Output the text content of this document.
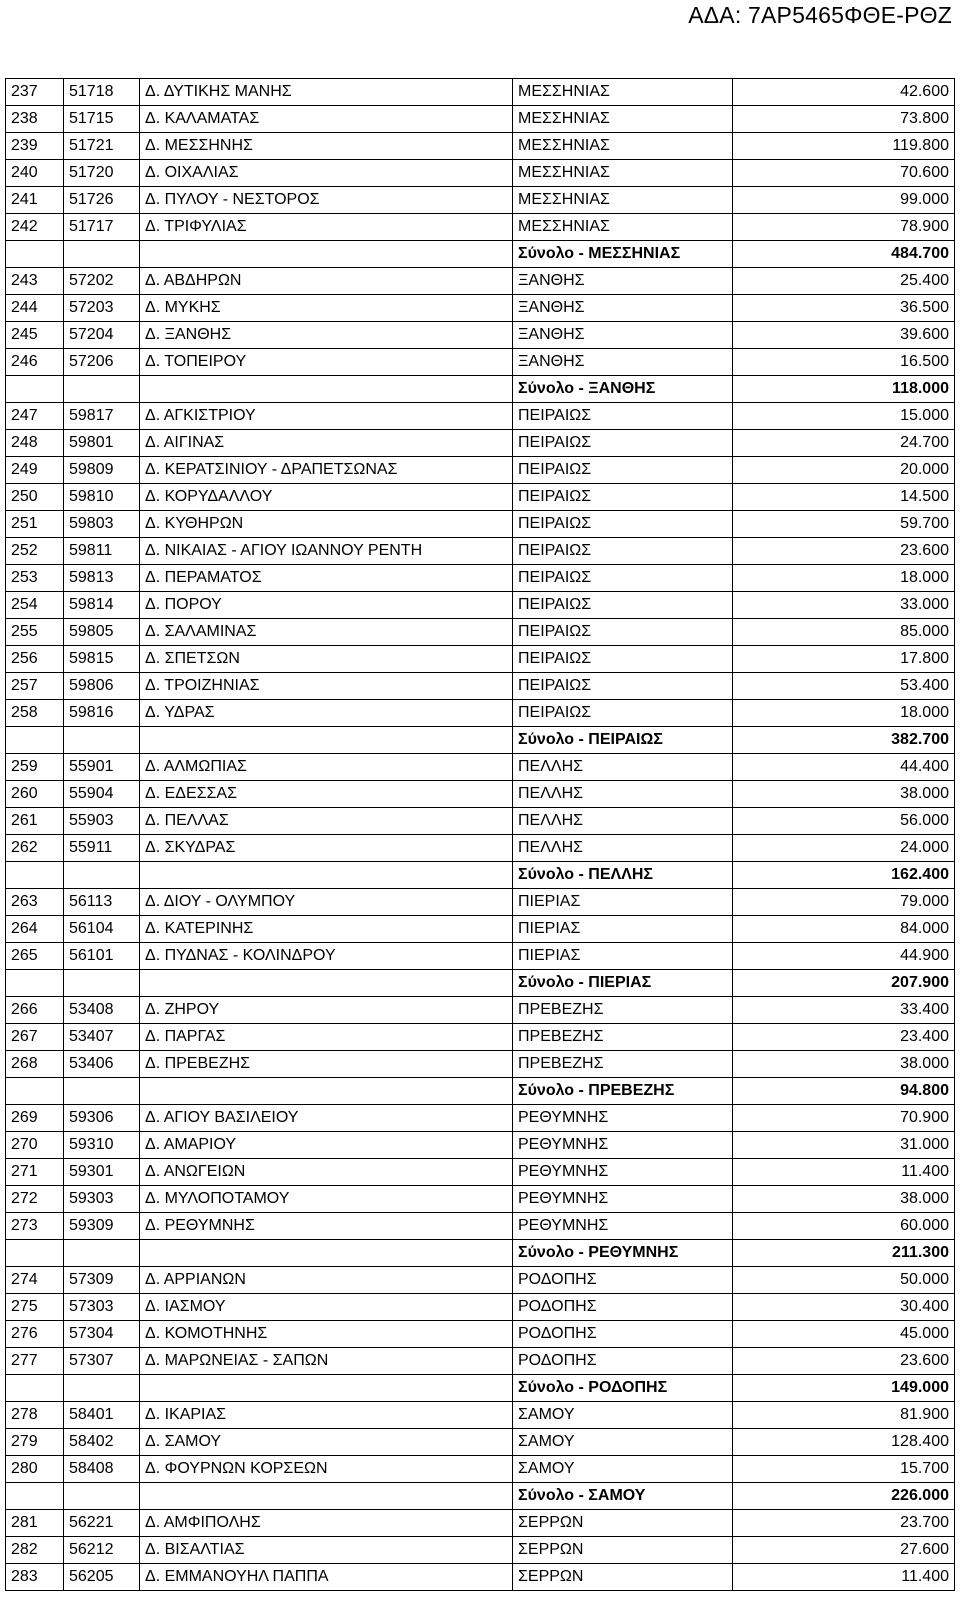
ΑΔΑ: 7ΑΡ5465ΦΘΕ-ΡΘΖ
237	51718	Δ. ΔΥΤΙΚΗΣ ΜΑΝΗΣ	ΜΕΣΣΗΝΙΑΣ	42.600
238	51715	Δ. ΚΑΛΑΜΑΤΑΣ	ΜΕΣΣΗΝΙΑΣ	73.800
239	51721	Δ. ΜΕΣΣΗΝΗΣ	ΜΕΣΣΗΝΙΑΣ	119.800
240	51720	Δ. ΟΙΧΑΛΙΑΣ	ΜΕΣΣΗΝΙΑΣ	70.600
241	51726	Δ. ΠΥΛΟΥ - ΝΕΣΤΟΡΟΣ	ΜΕΣΣΗΝΙΑΣ	99.000
242	51717	Δ. ΤΡΙΦΥΛΙΑΣ	ΜΕΣΣΗΝΙΑΣ	78.900
			Σύνολο - ΜΕΣΣΗΝΙΑΣ	484.700
243	57202	Δ. ΑΒΔΗΡΩΝ	ΞΑΝΘΗΣ	25.400
244	57203	Δ. ΜΥΚΗΣ	ΞΑΝΘΗΣ	36.500
245	57204	Δ. ΞΑΝΘΗΣ	ΞΑΝΘΗΣ	39.600
246	57206	Δ. ΤΟΠΕΙΡΟΥ	ΞΑΝΘΗΣ	16.500
			Σύνολο - ΞΑΝΘΗΣ	118.000
247	59817	Δ. ΑΓΚΙΣΤΡΙΟΥ	ΠΕΙΡΑΙΩΣ	15.000
248	59801	Δ. ΑΙΓΙΝΑΣ	ΠΕΙΡΑΙΩΣ	24.700
249	59809	Δ. ΚΕΡΑΤΣΙΝΙΟΥ - ΔΡΑΠΕΤΣΩΝΑΣ	ΠΕΙΡΑΙΩΣ	20.000
250	59810	Δ. ΚΟΡΥΔΑΛΛΟΥ	ΠΕΙΡΑΙΩΣ	14.500
251	59803	Δ. ΚΥΘΗΡΩΝ	ΠΕΙΡΑΙΩΣ	59.700
252	59811	Δ. ΝΙΚΑΙΑΣ - ΑΓΙΟΥ ΙΩΑΝΝΟΥ ΡΕΝΤΗ	ΠΕΙΡΑΙΩΣ	23.600
253	59813	Δ. ΠΕΡΑΜΑΤΟΣ	ΠΕΙΡΑΙΩΣ	18.000
254	59814	Δ. ΠΟΡΟΥ	ΠΕΙΡΑΙΩΣ	33.000
255	59805	Δ. ΣΑΛΑΜΙΝΑΣ	ΠΕΙΡΑΙΩΣ	85.000
256	59815	Δ. ΣΠΕΤΣΩΝ	ΠΕΙΡΑΙΩΣ	17.800
257	59806	Δ. ΤΡΟΙΖΗΝΙΑΣ	ΠΕΙΡΑΙΩΣ	53.400
258	59816	Δ. ΥΔΡΑΣ	ΠΕΙΡΑΙΩΣ	18.000
			Σύνολο - ΠΕΙΡΑΙΩΣ	382.700
259	55901	Δ. ΑΛΜΩΠΙΑΣ	ΠΕΛΛΗΣ	44.400
260	55904	Δ. ΕΔΕΣΣΑΣ	ΠΕΛΛΗΣ	38.000
261	55903	Δ. ΠΕΛΛΑΣ	ΠΕΛΛΗΣ	56.000
262	55911	Δ. ΣΚΥΔΡΑΣ	ΠΕΛΛΗΣ	24.000
			Σύνολο - ΠΕΛΛΗΣ	162.400
263	56113	Δ. ΔΙΟΥ - ΟΛΥΜΠΟΥ	ΠΙΕΡΙΑΣ	79.000
264	56104	Δ. ΚΑΤΕΡΙΝΗΣ	ΠΙΕΡΙΑΣ	84.000
265	56101	Δ. ΠΥΔΝΑΣ - ΚΟΛΙΝΔΡΟΥ	ΠΙΕΡΙΑΣ	44.900
			Σύνολο - ΠΙΕΡΙΑΣ	207.900
266	53408	Δ. ΖΗΡΟΥ	ΠΡΕΒΕΖΗΣ	33.400
267	53407	Δ. ΠΑΡΓΑΣ	ΠΡΕΒΕΖΗΣ	23.400
268	53406	Δ. ΠΡΕΒΕΖΗΣ	ΠΡΕΒΕΖΗΣ	38.000
			Σύνολο - ΠΡΕΒΕΖΗΣ	94.800
269	59306	Δ. ΑΓΙΟΥ ΒΑΣΙΛΕΙΟΥ	ΡΕΘΥΜΝΗΣ	70.900
270	59310	Δ. ΑΜΑΡΙΟΥ	ΡΕΘΥΜΝΗΣ	31.000
271	59301	Δ. ΑΝΩΓΕΙΩΝ	ΡΕΘΥΜΝΗΣ	11.400
272	59303	Δ. ΜΥΛΟΠΟΤΑΜΟΥ	ΡΕΘΥΜΝΗΣ	38.000
273	59309	Δ. ΡΕΘΥΜΝΗΣ	ΡΕΘΥΜΝΗΣ	60.000
			Σύνολο - ΡΕΘΥΜΝΗΣ	211.300
274	57309	Δ. ΑΡΡΙΑΝΩΝ	ΡΟΔΟΠΗΣ	50.000
275	57303	Δ. ΙΑΣΜΟΥ	ΡΟΔΟΠΗΣ	30.400
276	57304	Δ. ΚΟΜΟΤΗΝΗΣ	ΡΟΔΟΠΗΣ	45.000
277	57307	Δ. ΜΑΡΩΝΕΙΑΣ - ΣΑΠΩΝ	ΡΟΔΟΠΗΣ	23.600
			Σύνολο - ΡΟΔΟΠΗΣ	149.000
278	58401	Δ. ΙΚΑΡΙΑΣ	ΣΑΜΟΥ	81.900
279	58402	Δ. ΣΑΜΟΥ	ΣΑΜΟΥ	128.400
280	58408	Δ. ΦΟΥΡΝΩΝ ΚΟΡΣΕΩΝ	ΣΑΜΟΥ	15.700
			Σύνολο - ΣΑΜΟΥ	226.000
281	56221	Δ. ΑΜΦΙΠΟΛΗΣ	ΣΕΡΡΩΝ	23.700
282	56212	Δ. ΒΙΣΑΛΤΙΑΣ	ΣΕΡΡΩΝ	27.600
283	56205	Δ. ΕΜΜΑΝΟΥΗΛ ΠΑΠΠΑ	ΣΕΡΡΩΝ	11.400
